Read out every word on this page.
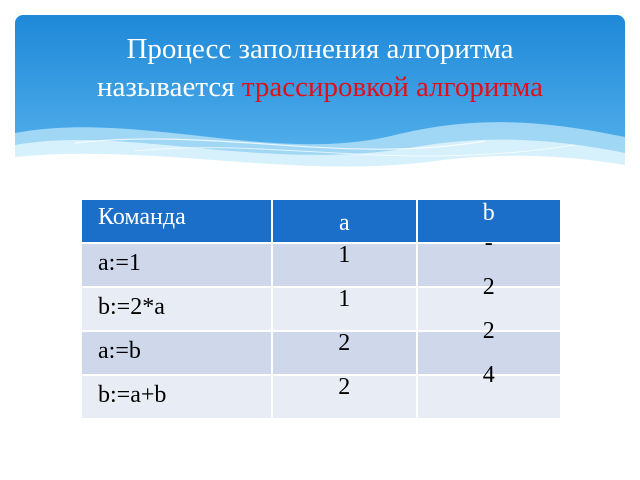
Процесс заполнения алгоритма
называется трассировкой алгоритма
Команда	a	b

a:=1	1	-

b:=2*a	1	2

a:=b	2	2

b:=a+b	2	4
